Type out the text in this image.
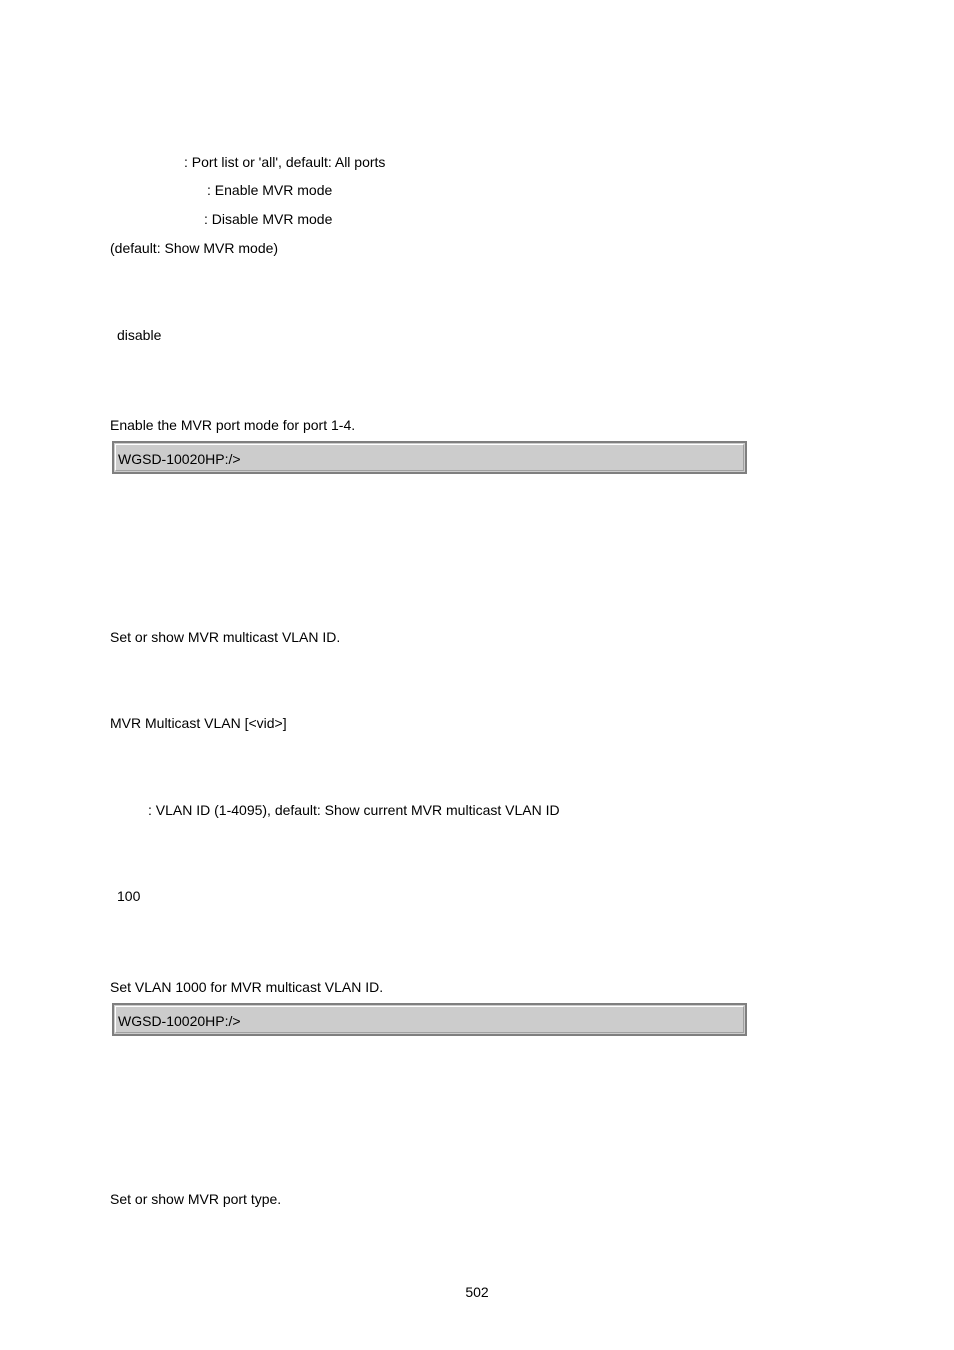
: Port list or 'all', default: All ports
: Enable MVR mode
: Disable MVR mode
(default: Show MVR mode)
disable
Enable the MVR port mode for port 1-4.
WGSD-10020HP:/>
Set or show MVR multicast VLAN ID.
MVR Multicast VLAN [<vid>]
: VLAN ID (1-4095), default: Show current MVR multicast VLAN ID
100
Set VLAN 1000 for MVR multicast VLAN ID.
WGSD-10020HP:/>
Set or show MVR port type.
502
